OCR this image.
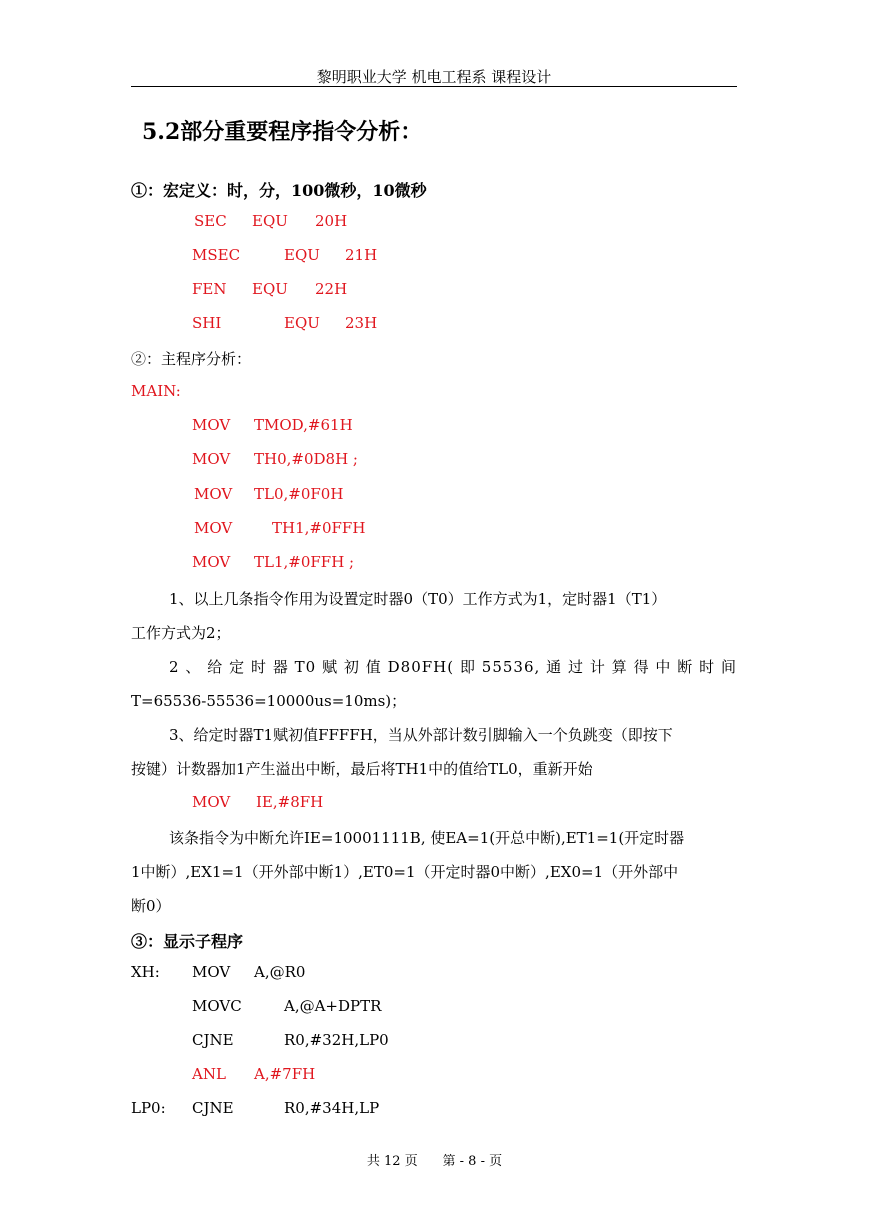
黎明职业大学 机电工程系 课程设计
5.2部分重要程序指令分析：
①：宏定义：时，分，100微秒，10微秒
SEC EQU 20H
MSEC	EQU 21H
FEN EQU 22H
SHI	EQU 23H
②：主程序分析：
MAIN:
MOV TMOD,#61H
MOV TH0,#0D8H ;
MOV TL0,#0F0H
MOV	TH1,#0FFH
MOV TL1,#0FFH ;
1、以上几条指令作用为设置定时器0（T0）工作方式为1，定时器1（T1）
工作方式为2；
2、给定时器T0赋初值D80FH(即55536,通过计算得中断时间
T=65536-55536=10000us=10ms)；
3、给定时器T1赋初值FFFFH，当从外部计数引脚输入一个负跳变（即按下
按键）计数器加1产生溢出中断，最后将TH1中的值给TL0，重新开始
MOV IE,#8FH
该条指令为中断允许IE=10001111B, 使EA=1(开总中断),ET1=1(开定时器
1中断）,EX1=1（开外部中断1）,ET0=1（开定时器0中断）,EX0=1（开外部中
断0）
③：显示子程序
XH: MOV A,@R0
MOVC	A,@A+DPTR
CJNE	R0,#32H,LP0
ANL A,#7FH
LP0: CJNE	R0,#34H,LP
共 12 页      第 - 8 - 页
